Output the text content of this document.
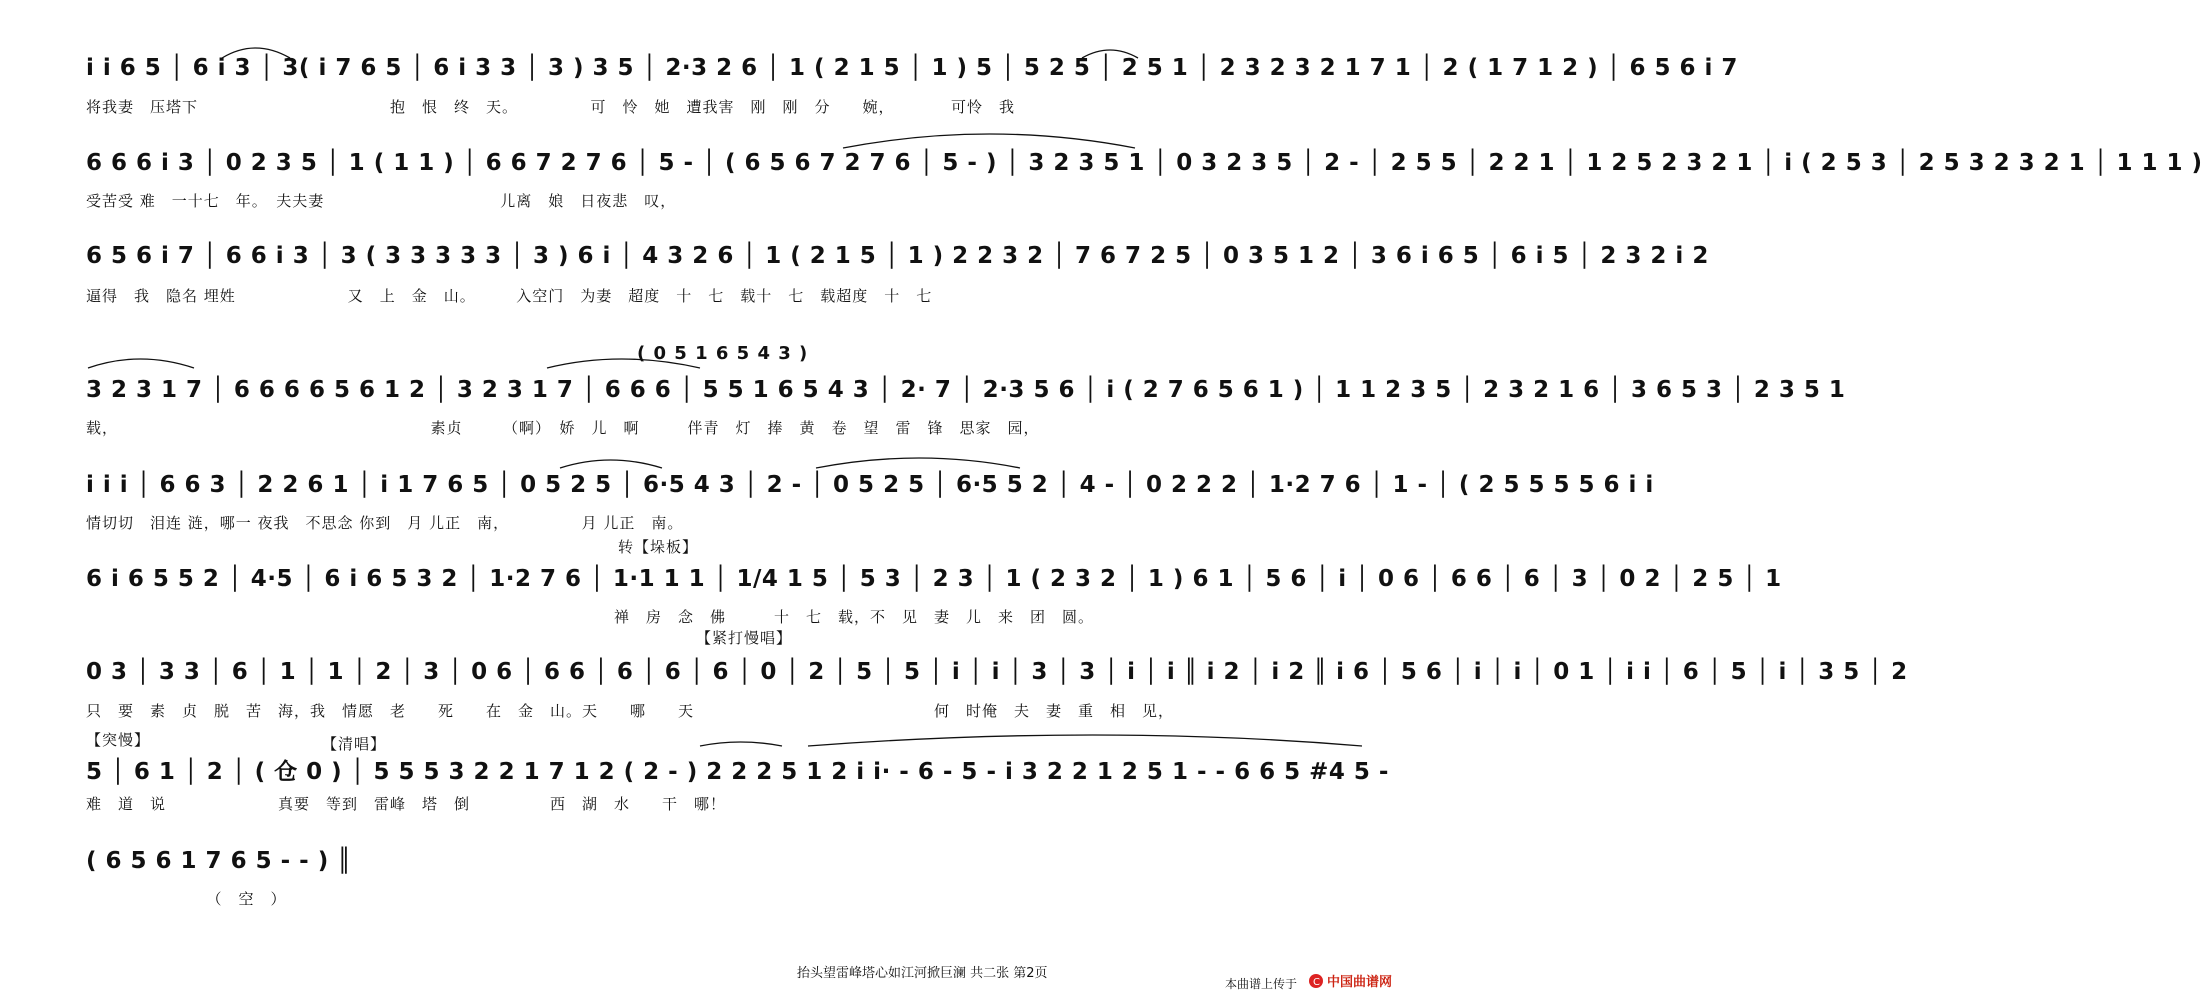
i i 6 5 │ 6 i 3 │ 3( i 7 6 5 │ 6 i 3 3 │ 3 ) 3 5 │ 2·3 2 6 │ 1 ( 2 1 5 │ 1 ) 5 │ 5 2 5 │ 2 5 1 │ 2 3 2 3 2 1 7 1 │ 2 ( 1 7 1 2 ) │ 6 5 6 i 7
将我妻　压塔下　　　　　　　　　　　　抱　恨　终　天。　　　　　可　怜　她　遭我害　刚　刚　分　　婉，　　　　可怜　我
6 6 6 i 3 │ 0 2 3 5 │ 1 ( 1 1 ) │ 6 6 7 2 7 6 │ 5 - │ ( 6 5 6 7 2 7 6 │ 5 - ) │ 3 2 3 5 1 │ 0 3 2 3 5 │ 2 - │ 2 5 5 │ 2 2 1 │ 1 2 5 2 3 2 1 │ i ( 2 5 3 │ 2 5 3 2 3 2 1 │ 1 1 1 )
受苦受 难　一十七　年。　夫夫妻　　　　　　　　　　　儿离　娘　日夜悲　叹，
6 5 6 i 7 │ 6 6 i 3 │ 3 ( 3 3 3 3 3 │ 3 ) 6 i │ 4 3 2 6 │ 1 ( 2 1 5 │ 1 ) 2 2 3 2 │ 7 6 7 2 5 │ 0 3 5 1 2 │ 3 6 i 6 5 │ 6 i 5 │ 2 3 2 i 2
逼得　我　隐名 埋姓　　　　　　　又　上　金　山。　　　入空门　为妻　超度　十　七　载十　七　载超度　十　七
( 0 5 1 6 5 4 3 )
3 2 3 1 7 │ 6 6 6 6 5 6 1 2 │ 3 2 3 1 7 │ 6 6 6 │ 5 5 1 6 5 4 3 │ 2· 7 │ 2·3 5 6 │ i ( 2 7 6 5 6 1 ) │ 1 1 2 3 5 │ 2 3 2 1 6 │ 3 6 5 3 │ 2 3 5 1
载，　　　　　　　　　　　　　　　　　　　　素贞　　　（啊）　娇　儿　啊　　　伴青　灯　捧　黄　卷　望　雷　锋　思家　园，
i i i │ 6 6 3 │ 2 2 6 1 │ i 1 7 6 5 │ 0 5 2 5 │ 6·5 4 3 │ 2 - │ 0 5 2 5 │ 6·5 5 2 │ 4 - │ 0 2 2 2 │ 1·2 7 6 │ 1 - │ ( 2 5 5 5 5 6 i i
情切切　泪连 涟，哪一 夜我　不思念 你到　月 儿正　南，　　　　　月 儿正　南。
转【垛板】
6 i 6 5 5 2 │ 4·5 │ 6 i 6 5 3 2 │ 1·2 7 6 │ 1·1 1 1 │ 1/4 1 5 │ 5 3 │ 2 3 │ 1 ( 2 3 2 │ 1 ) 6 1 │ 5 6 │ i │ 0 6 │ 6 6 │ 6 │ 3 │ 0 2 │ 2 5 │ 1
　　　　　　　　　　　　　　　　　　　　　　　　　　　　　　　　　禅　房　念　佛　　　十　七　载，不　见　妻　儿　来　团　圆。
【紧打慢唱】
0 3 │ 3 3 │ 6 │ 1 │ 1 │ 2 │ 3 │ 0 6 │ 6 6 │ 6 │ 6 │ 6 │ 0 │ 2 │ 5 │ 5 │ i │ i │ 3 │ 3 │ i │ i ║ i 2 │ i 2 ║ i 6 │ 5 6 │ i │ i │ 0 1 │ i i │ 6 │ 5 │ i │ 3 5 │ 2
只　要　素　贞　脱　苦　海，我　情愿　老　　死　　在　金　山。天　　哪　　天　　　　　　　　　　　　　　　何　时俺　夫　妻　重　相　见，
【突慢】	【清唱】
5 │ 6 1 │ 2 │ ( 仓 0 ) │ 5 5 5 3 2 2 1 7 1 2 ( 2 - ) 2 2 2 5 1 2 i i· - 6 - 5 - i 3 2 2 1 2 5 1 - - 6 6 5 #4 5 -
难　道　说　　　　　　　真要　等到　雷峰　塔　倒　　　　　西　湖　水　　干　哪！
( 6 5 6 1 7 6 5 - - ) ║
　　　　　　　　（　空　）
抬头望雷峰塔心如江河掀巨澜 共二张 第2页
本曲谱上传于 C 中国曲谱网
